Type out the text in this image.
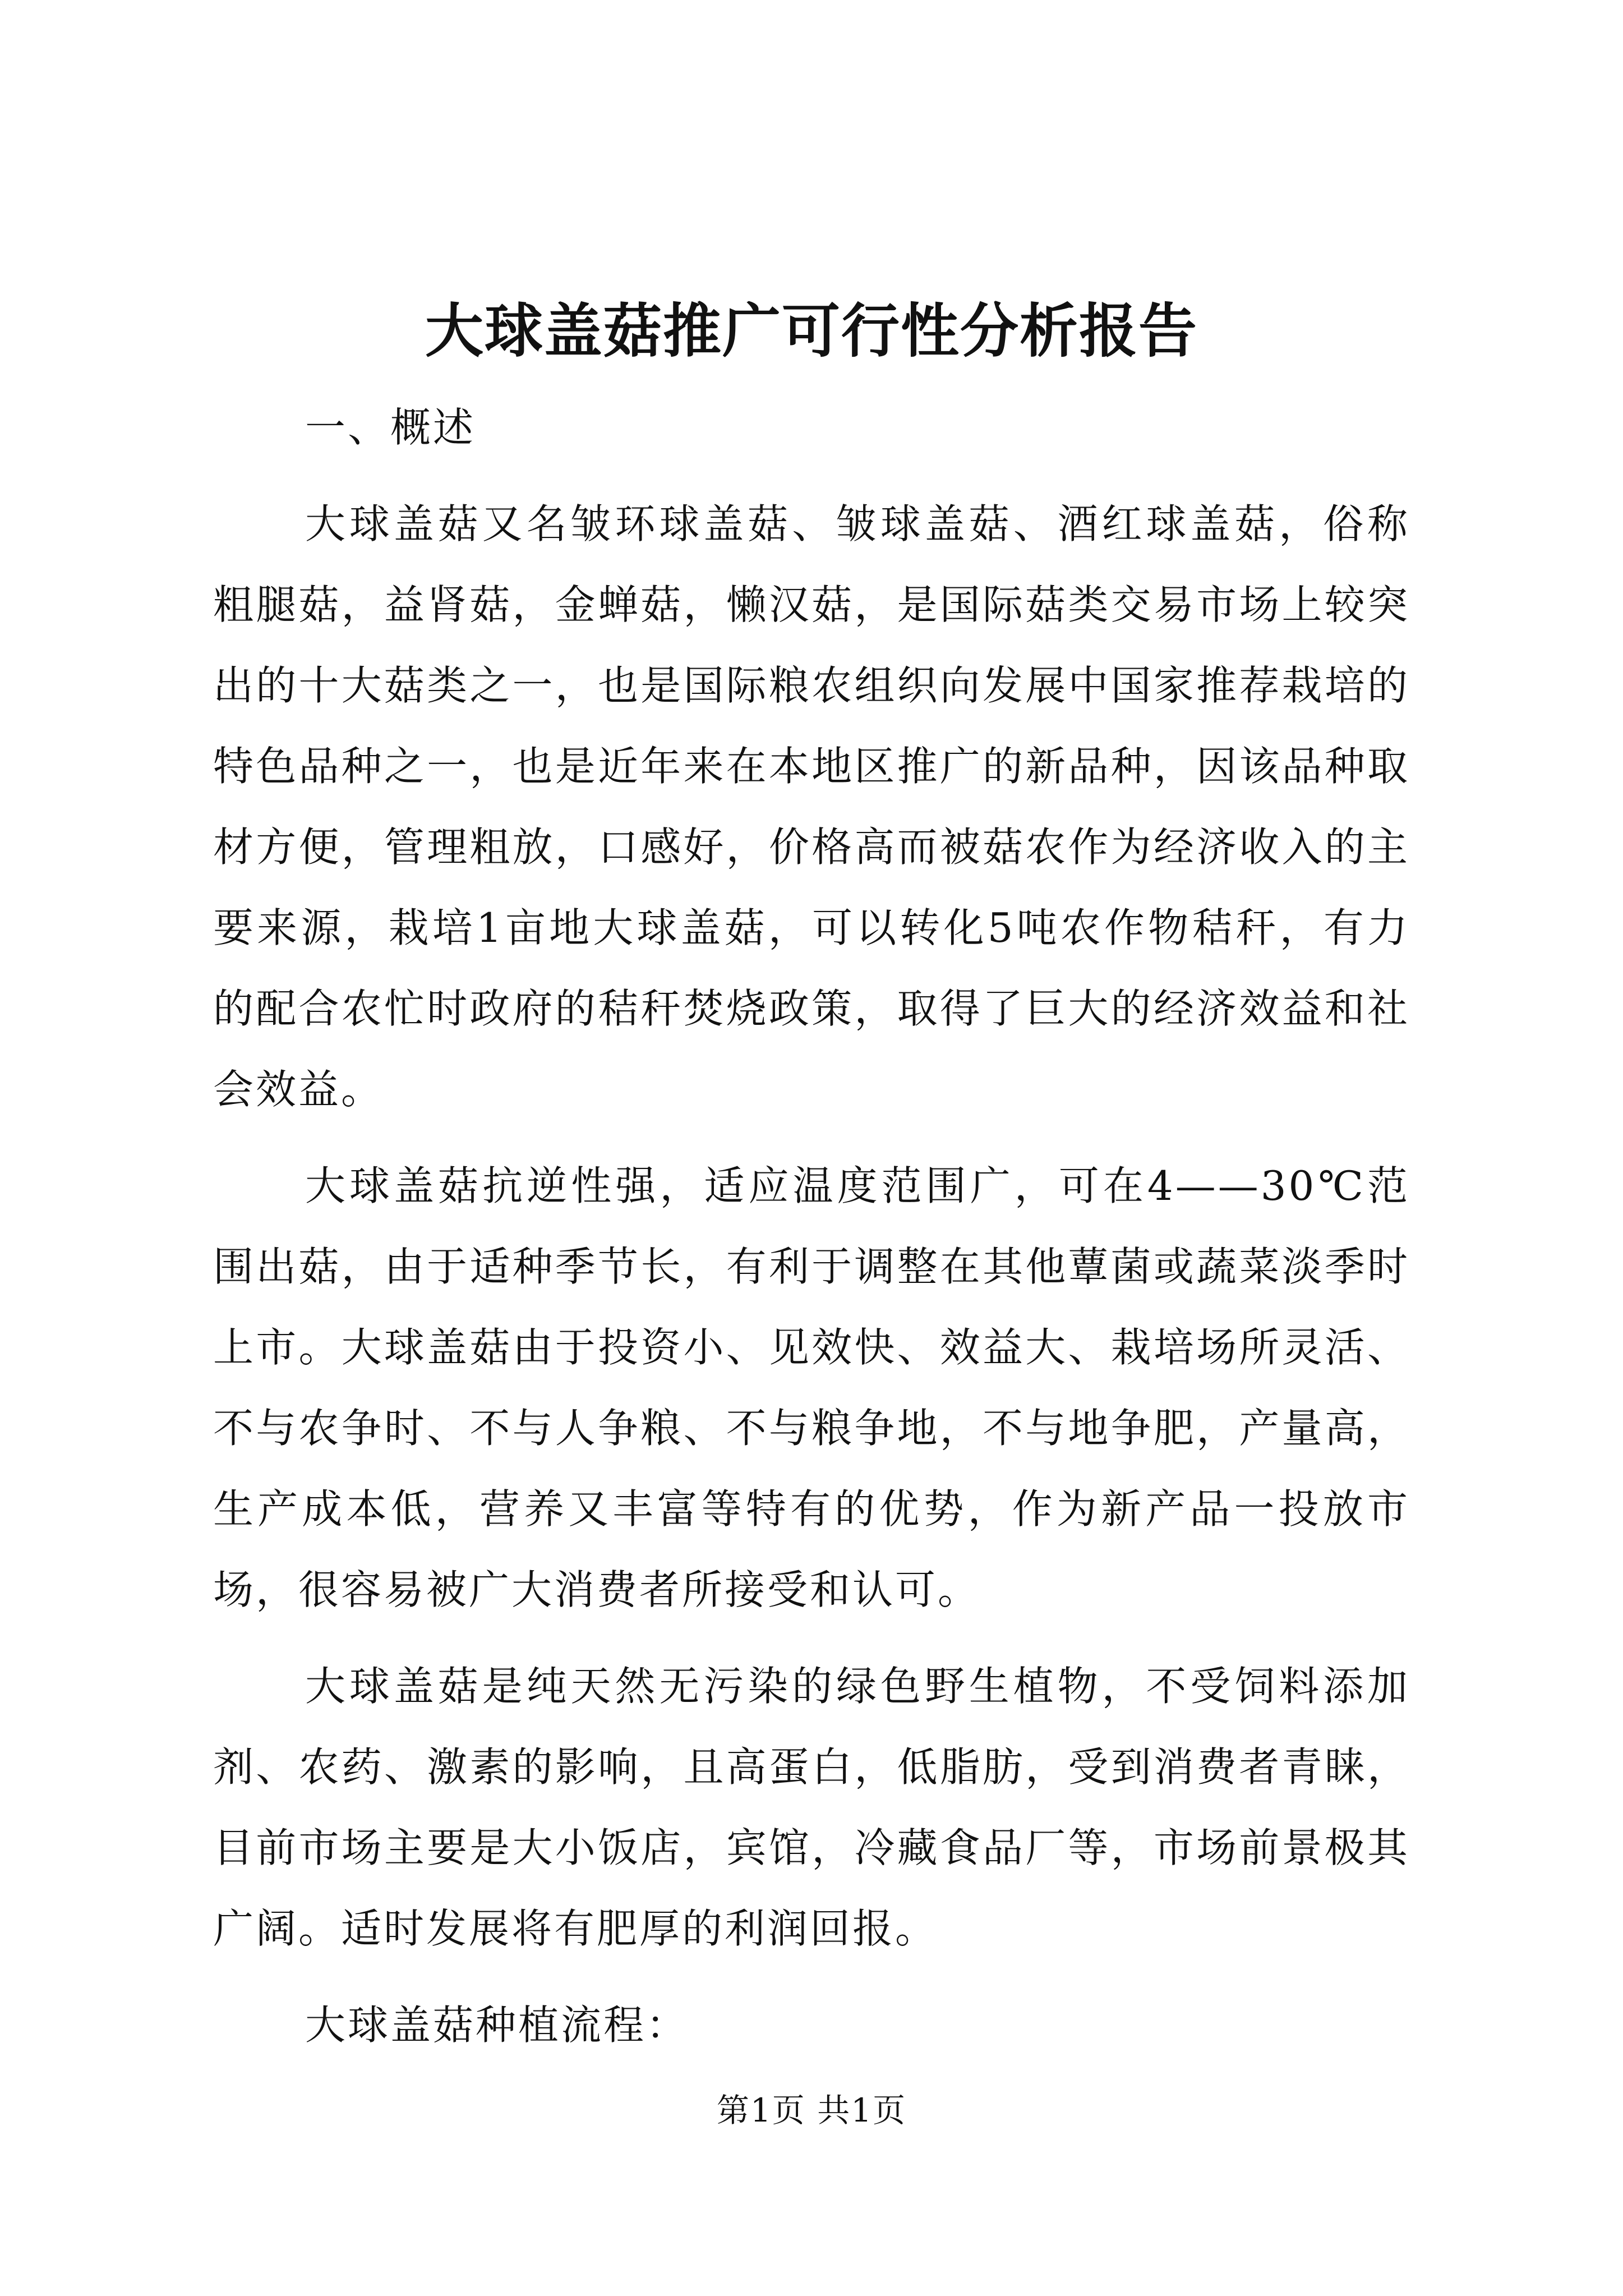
大球盖菇推广可行性分析报告

一、概述

大球盖菇又名皱环球盖菇、皱球盖菇、酒红球盖菇，俗称粗腿菇，益肾菇，金蝉菇，懒汉菇，是国际菇类交易市场上较突出的十大菇类之一，也是国际粮农组织向发展中国家推荐栽培的特色品种之一，也是近年来在本地区推广的新品种，因该品种取材方便，管理粗放，口感好，价格高而被菇农作为经济收入的主要来源，栽培1亩地大球盖菇，可以转化5吨农作物秸秆，有力的配合农忙时政府的秸秆焚烧政策，取得了巨大的经济效益和社会效益。

大球盖菇抗逆性强，适应温度范围广，可在4——30℃范围出菇，由于适种季节长，有利于调整在其他蕈菌或蔬菜淡季时上市。大球盖菇由于投资小、见效快、效益大、栽培场所灵活、不与农争时、不与人争粮、不与粮争地，不与地争肥，产量高，生产成本低，营养又丰富等特有的优势，作为新产品一投放市场，很容易被广大消费者所接受和认可。

大球盖菇是纯天然无污染的绿色野生植物，不受饲料添加剂、农药、激素的影响，且高蛋白，低脂肪，受到消费者青睐，目前市场主要是大小饭店，宾馆，冷藏食品厂等，市场前景极其广阔。适时发展将有肥厚的利润回报。

大球盖菇种植流程：

第1页 共1页
